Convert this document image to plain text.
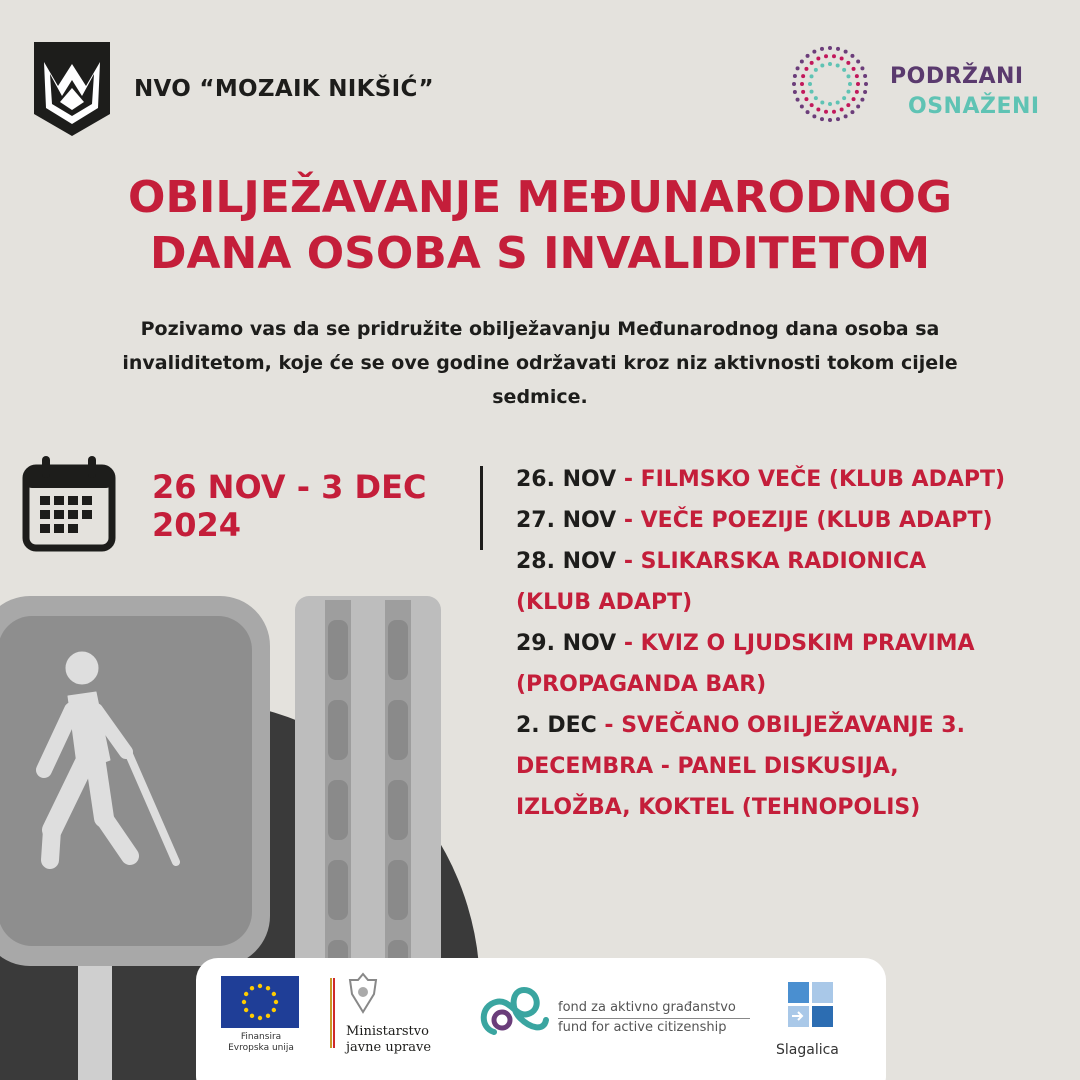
NVO “MOZAIK NIKŠIĆ”	PODRŽANI
OSNAŽENI
OBILJEŽAVANJE MEĐUNARODNOG
DANA OSOBA S INVALIDITETOM
Pozivamo vas da se pridružite obilježavanju Međunarodnog dana osoba sa
invaliditetom, koje će se ove godine održavati kroz niz aktivnosti tokom cijele
sedmice.
26 NOV - 3 DEC
2024
26. NOV - FILMSKO VEČE (KLUB ADAPT)
27. NOV - VEČE POEZIJE (KLUB ADAPT)
28. NOV - SLIKARSKA RADIONICA
(KLUB ADAPT)
29. NOV - KVIZ O LJUDSKIM PRAVIMA
(PROPAGANDA BAR)
2. DEC - SVEČANO OBILJEŽAVANJE 3.
DECEMBRA - PANEL DISKUSIJA,
IZLOŽBA, KOKTEL (TEHNOPOLIS)
Finansira
Evropska unija
Ministarstvo
javne uprave
fond za aktivno građanstvo
fund for active citizenship
Slagalica
